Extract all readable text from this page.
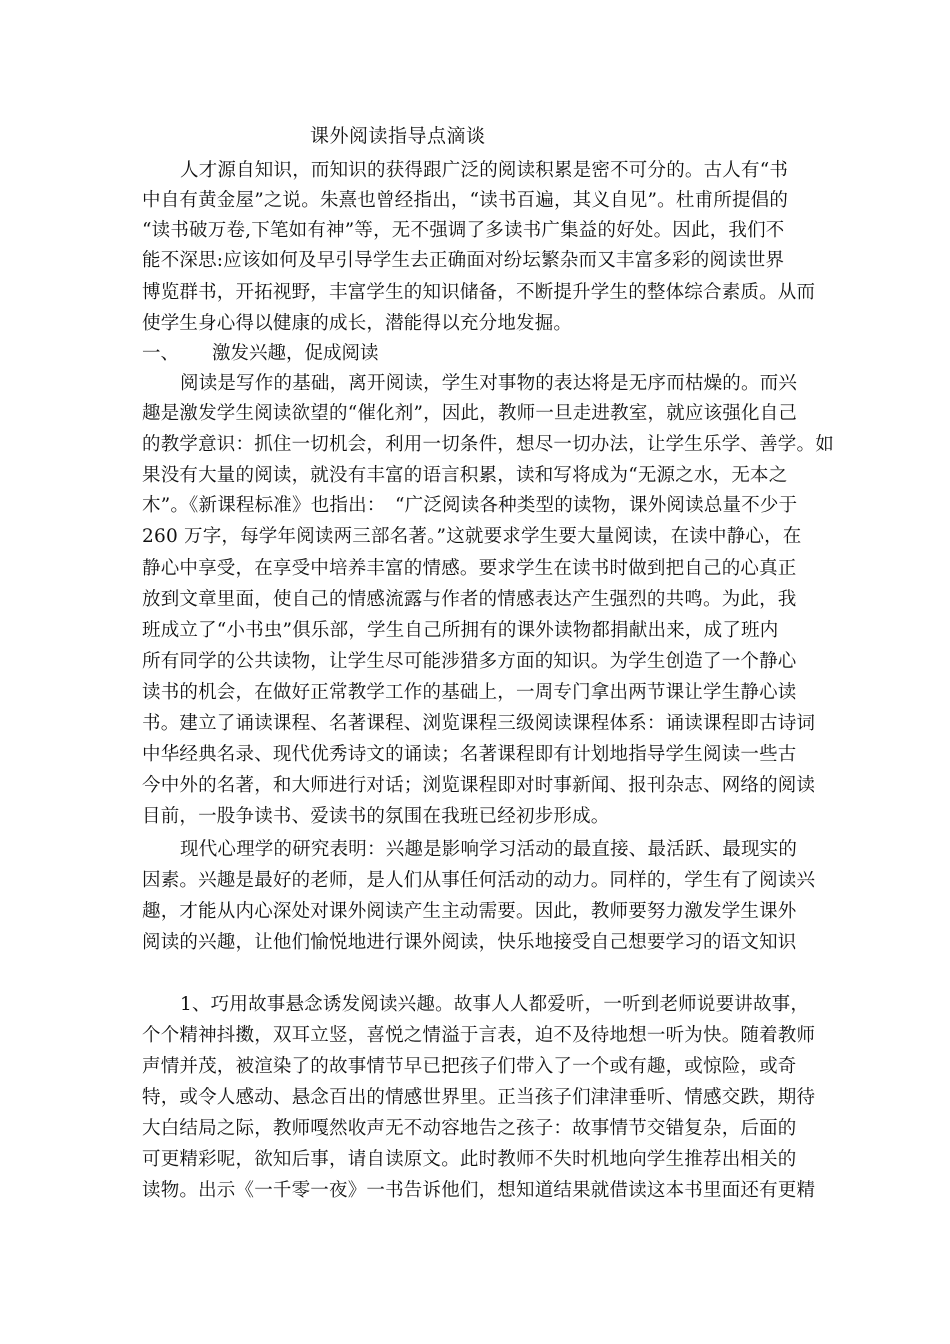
课外阅读指导点滴谈
人才源自知识，而知识的获得跟广泛的阅读积累是密不可分的。古人有“书
中自有黄金屋”之说。朱熹也曾经指出，“读书百遍，其义自见”。杜甫所提倡的
“读书破万卷,下笔如有神”等，无不强调了多读书广集益的好处。因此，我们不
能不深思:应该如何及早引导学生去正确面对纷坛繁杂而又丰富多彩的阅读世界
博览群书，开拓视野，丰富学生的知识储备，不断提升学生的整体综合素质。从而
使学生身心得以健康的成长，潜能得以充分地发掘。
一、 激发兴趣，促成阅读
阅读是写作的基础，离开阅读，学生对事物的表达将是无序而枯燥的。而兴
趣是激发学生阅读欲望的“催化剂”，因此，教师一旦走进教室，就应该强化自己
的教学意识：抓住一切机会，利用一切条件，想尽一切办法，让学生乐学、善学。如
果没有大量的阅读，就没有丰富的语言积累，读和写将成为“无源之水，无本之
木”。《新课程标准》也指出：　“广泛阅读各种类型的读物，课外阅读总量不少于
260 万字，每学年阅读两三部名著。”这就要求学生要大量阅读，在读中静心，在
静心中享受，在享受中培养丰富的情感。要求学生在读书时做到把自己的心真正
放到文章里面，使自己的情感流露与作者的情感表达产生强烈的共鸣。为此，我
班成立了“小书虫”俱乐部，学生自己所拥有的课外读物都捐献出来，成了班内
所有同学的公共读物，让学生尽可能涉猎多方面的知识。为学生创造了一个静心
读书的机会，在做好正常教学工作的基础上，一周专门拿出两节课让学生静心读
书。建立了诵读课程、名著课程、浏览课程三级阅读课程体系：诵读课程即古诗词
中华经典名录、现代优秀诗文的诵读；名著课程即有计划地指导学生阅读一些古
今中外的名著，和大师进行对话；浏览课程即对时事新闻、报刊杂志、网络的阅读
目前，一股争读书、爱读书的氛围在我班已经初步形成。
现代心理学的研究表明：兴趣是影响学习活动的最直接、最活跃、最现实的
因素。兴趣是最好的老师，是人们从事任何活动的动力。同样的，学生有了阅读兴
趣，才能从内心深处对课外阅读产生主动需要。因此，教师要努力激发学生课外
阅读的兴趣，让他们愉悦地进行课外阅读，快乐地接受自己想要学习的语文知识
1、巧用故事悬念诱发阅读兴趣。故事人人都爱听，一听到老师说要讲故事，
个个精神抖擞，双耳立竖，喜悦之情溢于言表，迫不及待地想一听为快。随着教师
声情并茂，被渲染了的故事情节早已把孩子们带入了一个或有趣，或惊险，或奇
特，或令人感动、悬念百出的情感世界里。正当孩子们津津垂听、情感交跌，期待
大白结局之际，教师嘎然收声无不动容地告之孩子：故事情节交错复杂，后面的
可更精彩呢，欲知后事，请自读原文。此时教师不失时机地向学生推荐出相关的
读物。出示《一千零一夜》一书告诉他们，想知道结果就借读这本书里面还有更精
